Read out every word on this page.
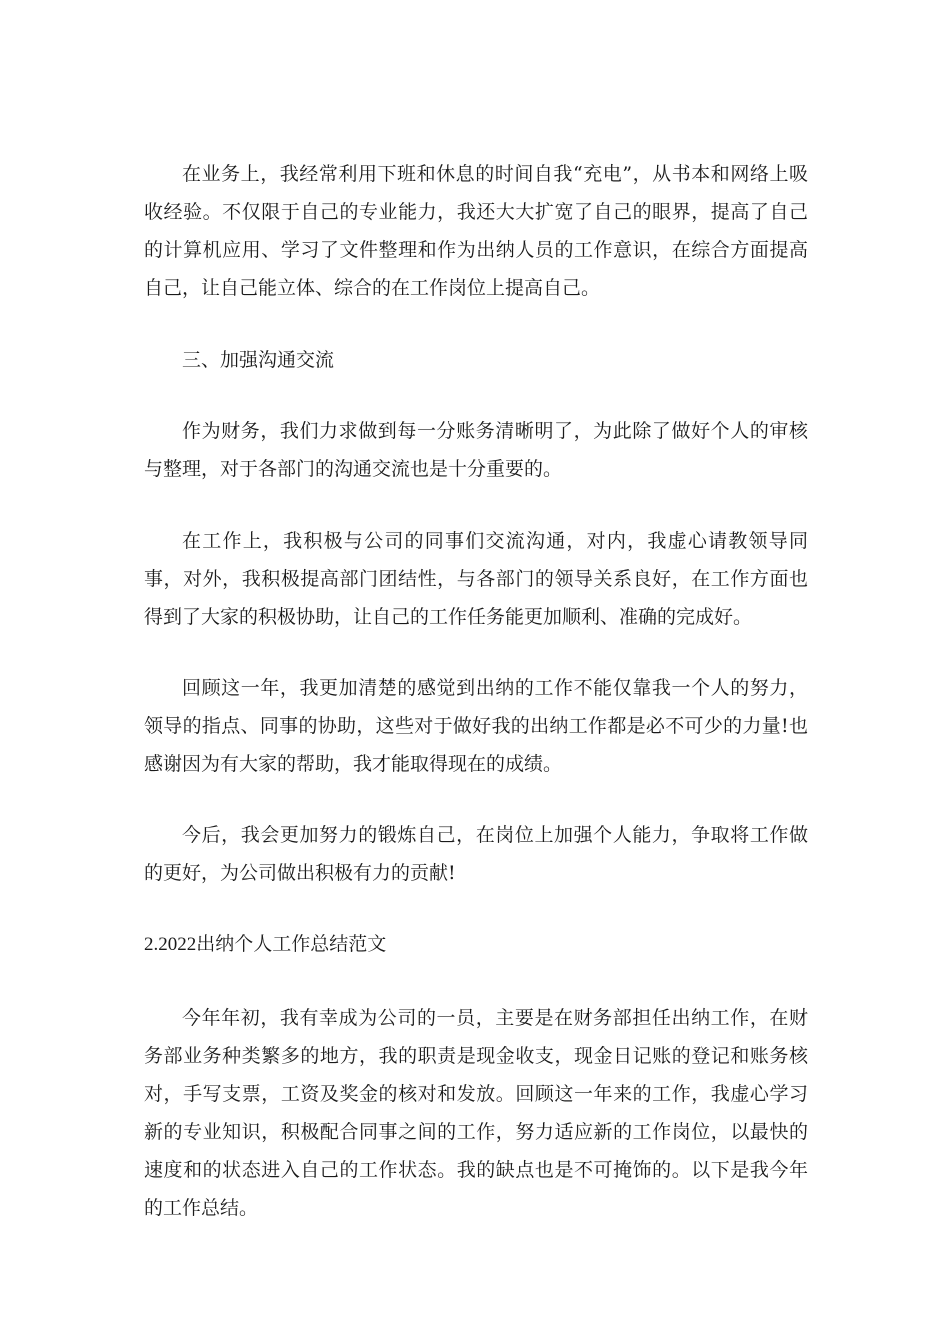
在业务上，我经常利用下班和休息的时间自我“充电”，从书本和网络上吸收经验。不仅限于自己的专业能力，我还大大扩宽了自己的眼界，提高了自己的计算机应用、学习了文件整理和作为出纳人员的工作意识，在综合方面提高自己，让自己能立体、综合的在工作岗位上提高自己。

三、加强沟通交流

作为财务，我们力求做到每一分账务清晰明了，为此除了做好个人的审核与整理，对于各部门的沟通交流也是十分重要的。

在工作上，我积极与公司的同事们交流沟通，对内，我虚心请教领导同事，对外，我积极提高部门团结性，与各部门的领导关系良好，在工作方面也得到了大家的积极协助，让自己的工作任务能更加顺利、准确的完成好。

回顾这一年，我更加清楚的感觉到出纳的工作不能仅靠我一个人的努力，领导的指点、同事的协助，这些对于做好我的出纳工作都是必不可少的力量!也感谢因为有大家的帮助，我才能取得现在的成绩。

今后，我会更加努力的锻炼自己，在岗位上加强个人能力，争取将工作做的更好，为公司做出积极有力的贡献!

2.2022出纳个人工作总结范文

今年年初，我有幸成为公司的一员，主要是在财务部担任出纳工作，在财务部业务种类繁多的地方，我的职责是现金收支，现金日记账的登记和账务核对，手写支票，工资及奖金的核对和发放。回顾这一年来的工作，我虚心学习新的专业知识，积极配合同事之间的工作，努力适应新的工作岗位，以最快的速度和的状态进入自己的工作状态。我的缺点也是不可掩饰的。以下是我今年的工作总结。
